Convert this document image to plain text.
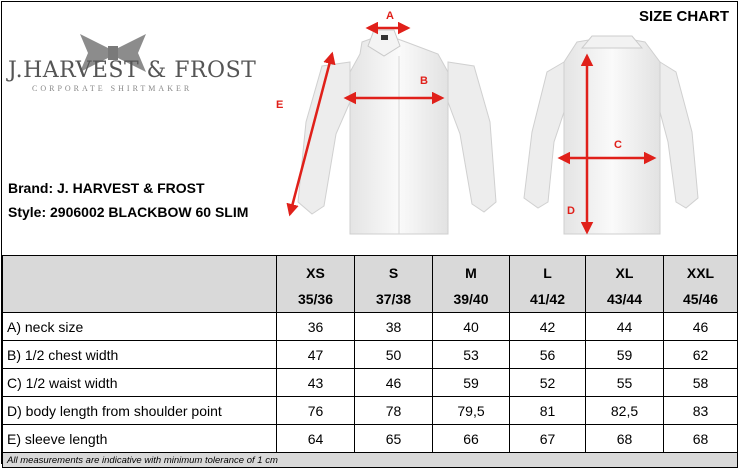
SIZE CHART
J.HARVEST & FROST
CORPORATE SHIRTMAKER
Brand: J. HARVEST & FROST
Style: 2906002 BLACKBOW 60 SLIM
A
B
C
D
E
	XS	S	M	L	XL	XXL
	35/36	37/38	39/40	41/42	43/44	45/46
A) neck size	36	38	40	42	44	46
B) 1/2 chest width	47	50	53	56	59	62
C) 1/2 waist width	43	46	59	52	55	58
D) body length from shoulder point	76	78	79,5	81	82,5	83
E) sleeve length	64	65	66	67	68	68
All measurements are indicative with minimum tolerance of 1 cm						
